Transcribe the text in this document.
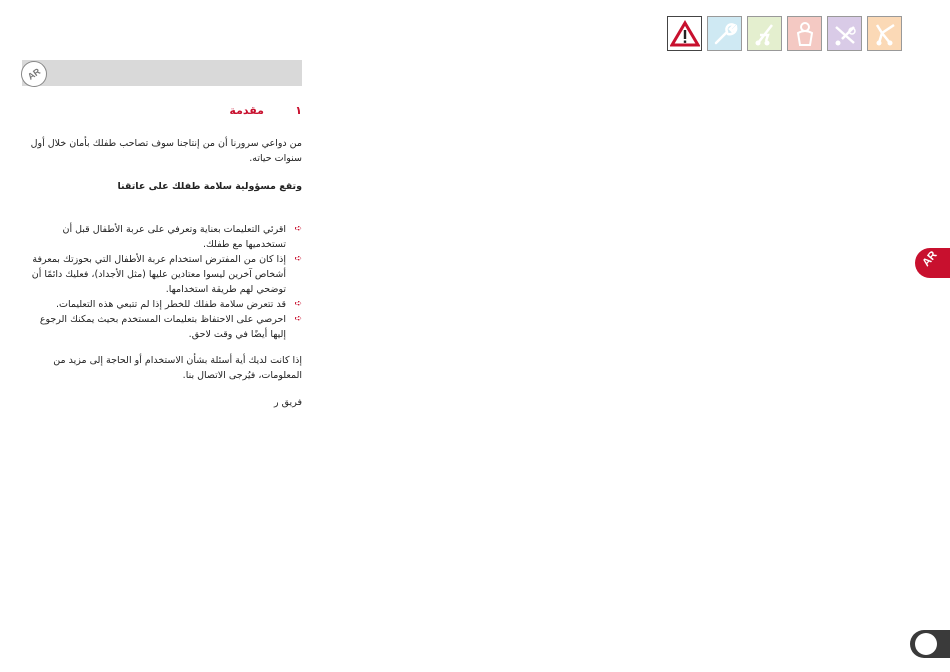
AR
١مقدمة
من دواعي سرورنا أن من إنتاجنا سوف تصاحب طفلك بأمان خلال أول سنوات حياته.
وتقع مسؤولية سلامة طفلك على عاتقنا
➪
اقرئي التعليمات بعناية وتعرفي على عربة الأطفال قبل أن تستخدميها مع طفلك.
➪
إذا كان من المفترض استخدام عربة الأطفال التي بحوزتك بمعرفة أشخاص آخرين ليسوا معتادين عليها (مثل الأجداد)، فعليك دائمًا أن توضحي لهم طريقة استخدامها.
➪
قد تتعرض سلامة طفلك للخطر إذا لم تتبعي هذه التعليمات.
➪
احرصي على الاحتفاظ بتعليمات المستخدم بحيث يمكنك الرجوع إليها أيضًا في وقت لاحق.
إذا كانت لديك أية أسئلة بشأن الاستخدام أو الحاجة إلى مزيد من المعلومات، فيُرجى الاتصال بنا.
فريق ر
AR
